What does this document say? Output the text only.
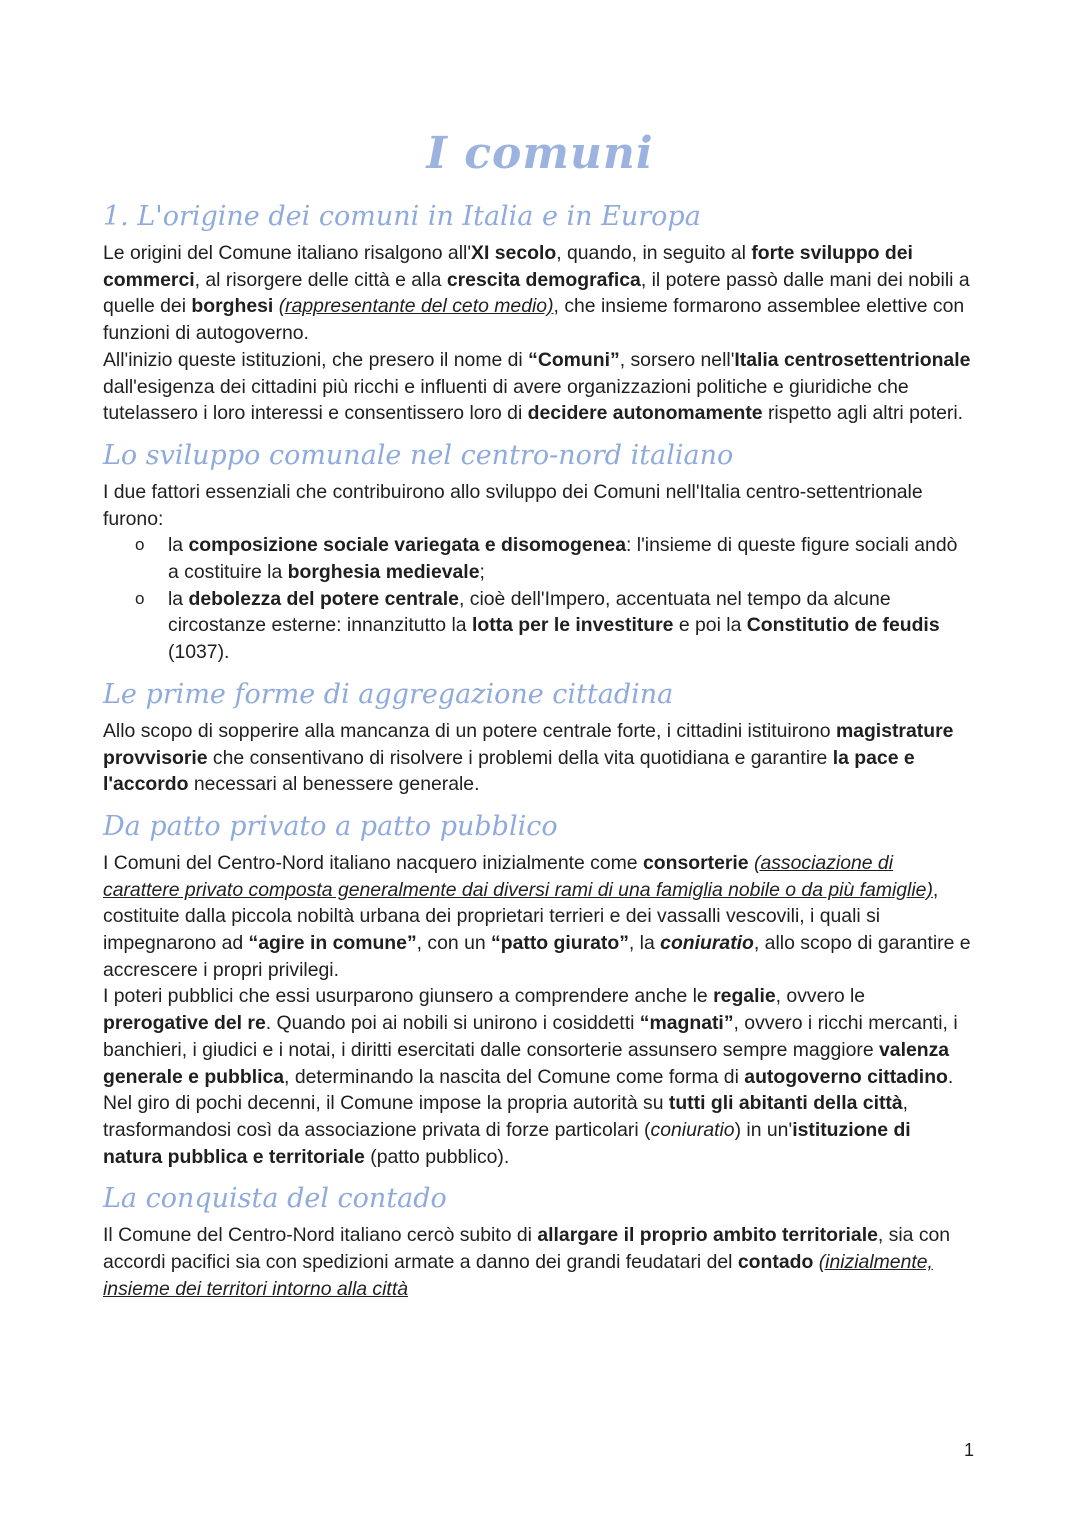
I comuni
1. L'origine dei comuni in Italia e in Europa

Le origini del Comune italiano risalgono all'XI secolo, quando, in seguito al forte sviluppo dei commerci, al risorgere delle città e alla crescita demografica, il potere passò dalle mani dei nobili a quelle dei borghesi (rappresentante del ceto medio), che insieme formarono assemblee elettive con funzioni di autogoverno.

All'inizio queste istituzioni, che presero il nome di “Comuni”, sorsero nell'Italia centrosettentrionale dall'esigenza dei cittadini più ricchi e influenti di avere organizzazioni politiche e giuridiche che tutelassero i loro interessi e consentissero loro di decidere autonomamente rispetto agli altri poteri.

Lo sviluppo comunale nel centro-nord italiano

I due fattori essenziali che contribuirono allo sviluppo dei Comuni nell'Italia centro-settentrionale furono:

o la composizione sociale variegata e disomogenea: l'insieme di queste figure sociali andò a costituire la borghesia medievale;
o la debolezza del potere centrale, cioè dell'Impero, accentuata nel tempo da alcune circostanze esterne: innanzitutto la lotta per le investiture e poi la Constitutio de feudis (1037).
Le prime forme di aggregazione cittadina

Allo scopo di sopperire alla mancanza di un potere centrale forte, i cittadini istituirono magistrature provvisorie che consentivano di risolvere i problemi della vita quotidiana e garantire la pace e l'accordo necessari al benessere generale.

Da patto privato a patto pubblico

I Comuni del Centro-Nord italiano nacquero inizialmente come consorterie (associazione di carattere privato composta generalmente dai diversi rami di una famiglia nobile o da più famiglie), costituite dalla piccola nobiltà urbana dei proprietari terrieri e dei vassalli vescovili, i quali si impegnarono ad “agire in comune”, con un “patto giurato”, la coniuratio, allo scopo di garantire e accrescere i propri privilegi.

I poteri pubblici che essi usurparono giunsero a comprendere anche le regalie, ovvero le prerogative del re. Quando poi ai nobili si unirono i cosiddetti “magnati”, ovvero i ricchi mercanti, i banchieri, i giudici e i notai, i diritti esercitati dalle consorterie assunsero sempre maggiore valenza generale e pubblica, determinando la nascita del Comune come forma di autogoverno cittadino.

Nel giro di pochi decenni, il Comune impose la propria autorità su tutti gli abitanti della città, trasformandosi così da associazione privata di forze particolari (coniuratio) in un'istituzione di natura pubblica e territoriale (patto pubblico).

La conquista del contado

Il Comune del Centro-Nord italiano cercò subito di allargare il proprio ambito territoriale, sia con accordi pacifici sia con spedizioni armate a danno dei grandi feudatari del contado (inizialmente, insieme dei territori intorno alla città

1
